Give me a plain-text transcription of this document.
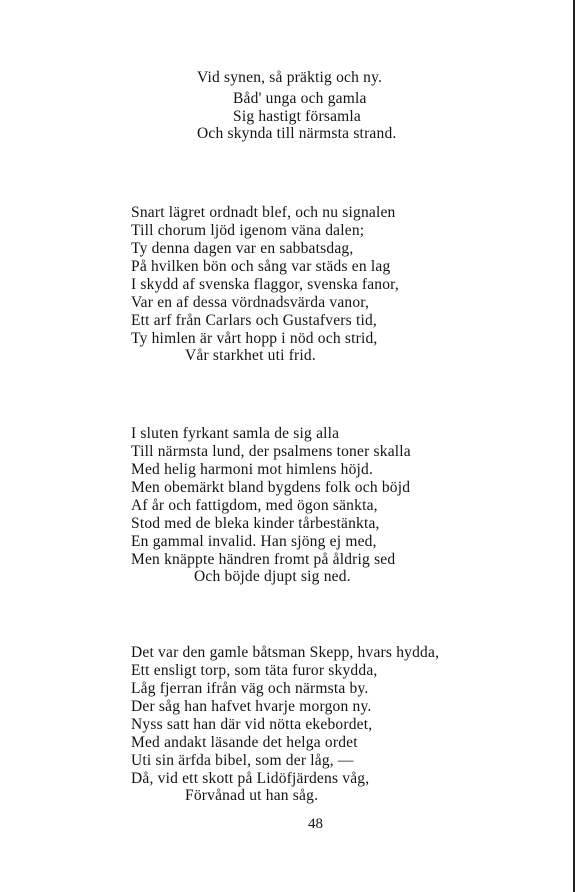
Vid synen, så präktig och ny.
Båd' unga och gamla
Sig hastigt församla
Och skynda till närmsta strand.
Snart lägret ordnadt blef, och nu signalen
Till chorum ljöd igenom väna dalen;
Ty denna dagen var en sabbatsdag,
På hvilken bön och sång var städs en lag
I skydd af svenska flaggor, svenska fanor,
Var en af dessa vördnadsvärda vanor,
Ett arf från Carlars och Gustafvers tid,
Ty himlen är vårt hopp i nöd och strid,
Vår starkhet uti frid.
I sluten fyrkant samla de sig alla
Till närmsta lund, der psalmens toner skalla
Med helig harmoni mot himlens höjd.
Men obemärkt bland bygdens folk och böjd
Af år och fattigdom, med ögon sänkta,
Stod med de bleka kinder tårbestänkta,
En gammal invalid. Han sjöng ej med,
Men knäppte händren fromt på åldrig sed
Och böjde djupt sig ned.
Det var den gamle båtsman Skepp, hvars hydda,
Ett ensligt torp, som täta furor skydda,
Låg fjerran ifrån väg och närmsta by.
Der såg han hafvet hvarje morgon ny.
Nyss satt han där vid nötta ekebordet,
Med andakt läsande det helga ordet
Uti sin ärfda bibel, som der låg, —
Då, vid ett skott på Lidöfjärdens våg,
Förvånad ut han såg.
48
